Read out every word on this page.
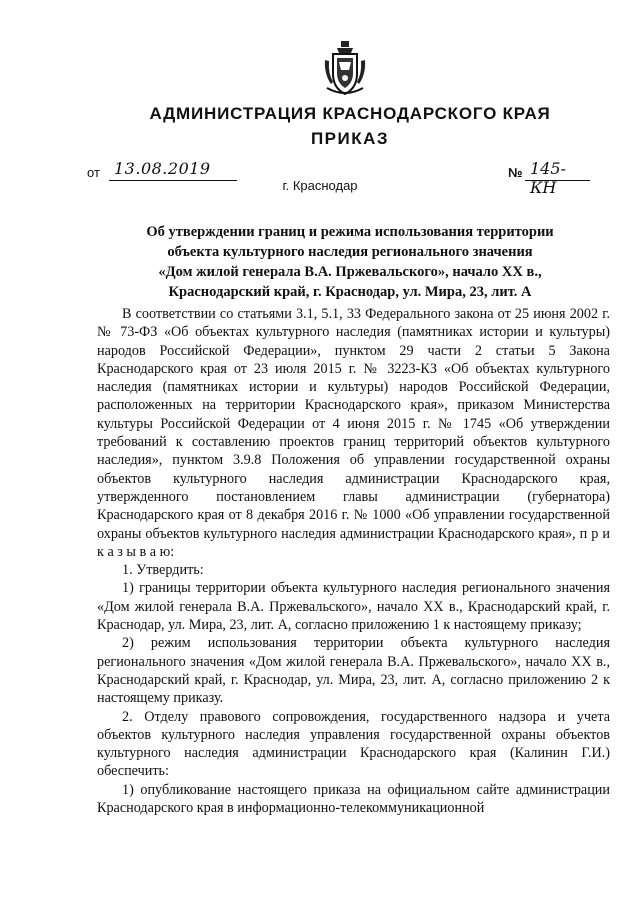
АДМИНИСТРАЦИЯ КРАСНОДАРСКОГО КРАЯ
ПРИКАЗ
от 13.08.2019	№ 145-КН
г. Краснодар
Об утверждении границ и режима использования территории
объекта культурного наследия регионального значения
«Дом жилой генерала В.А. Пржевальского», начало XX в.,
Краснодарский край, г. Краснодар, ул. Мира, 23, лит. А

В соответствии со статьями 3.1, 5.1, 33 Федерального закона от 25 июня 2002 г. № 73-ФЗ «Об объектах культурного наследия (памятниках истории и культуры) народов Российской Федерации», пунктом 29 части 2 статьи 5 Закона Краснодарского края от 23 июля 2015 г. № 3223-КЗ «Об объектах культурного наследия (памятниках истории и культуры) народов Российской Федерации, расположенных на территории Краснодарского края», приказом Министерства культуры Российской Федерации от 4 июня 2015 г. № 1745 «Об утверждении требований к составлению проектов границ территорий объектов культурного наследия», пунктом 3.9.8 Положения об управлении государственной охраны объектов культурного наследия администрации Краснодарского края, утвержденного постановлением главы администрации (губернатора) Краснодарского края от 8 декабря 2016 г. № 1000 «Об управлении государственной охраны объектов культурного наследия администрации Краснодарского края», п р и к а з ы в а ю:

1. Утвердить:

1) границы территории объекта культурного наследия регионального значения «Дом жилой генерала В.А. Пржевальского», начало XX в., Краснодарский край, г. Краснодар, ул. Мира, 23, лит. А, согласно приложению 1 к настоящему приказу;

2) режим использования территории объекта культурного наследия регионального значения «Дом жилой генерала В.А. Пржевальского», начало XX в., Краснодарский край, г. Краснодар, ул. Мира, 23, лит. А, согласно приложению 2 к настоящему приказу.

2. Отделу правового сопровождения, государственного надзора и учета объектов культурного наследия управления государственной охраны объектов культурного наследия администрации Краснодарского края (Калинин Г.И.) обеспечить:

1) опубликование настоящего приказа на официальном сайте администрации Краснодарского края в информационно-телекоммуникационной
